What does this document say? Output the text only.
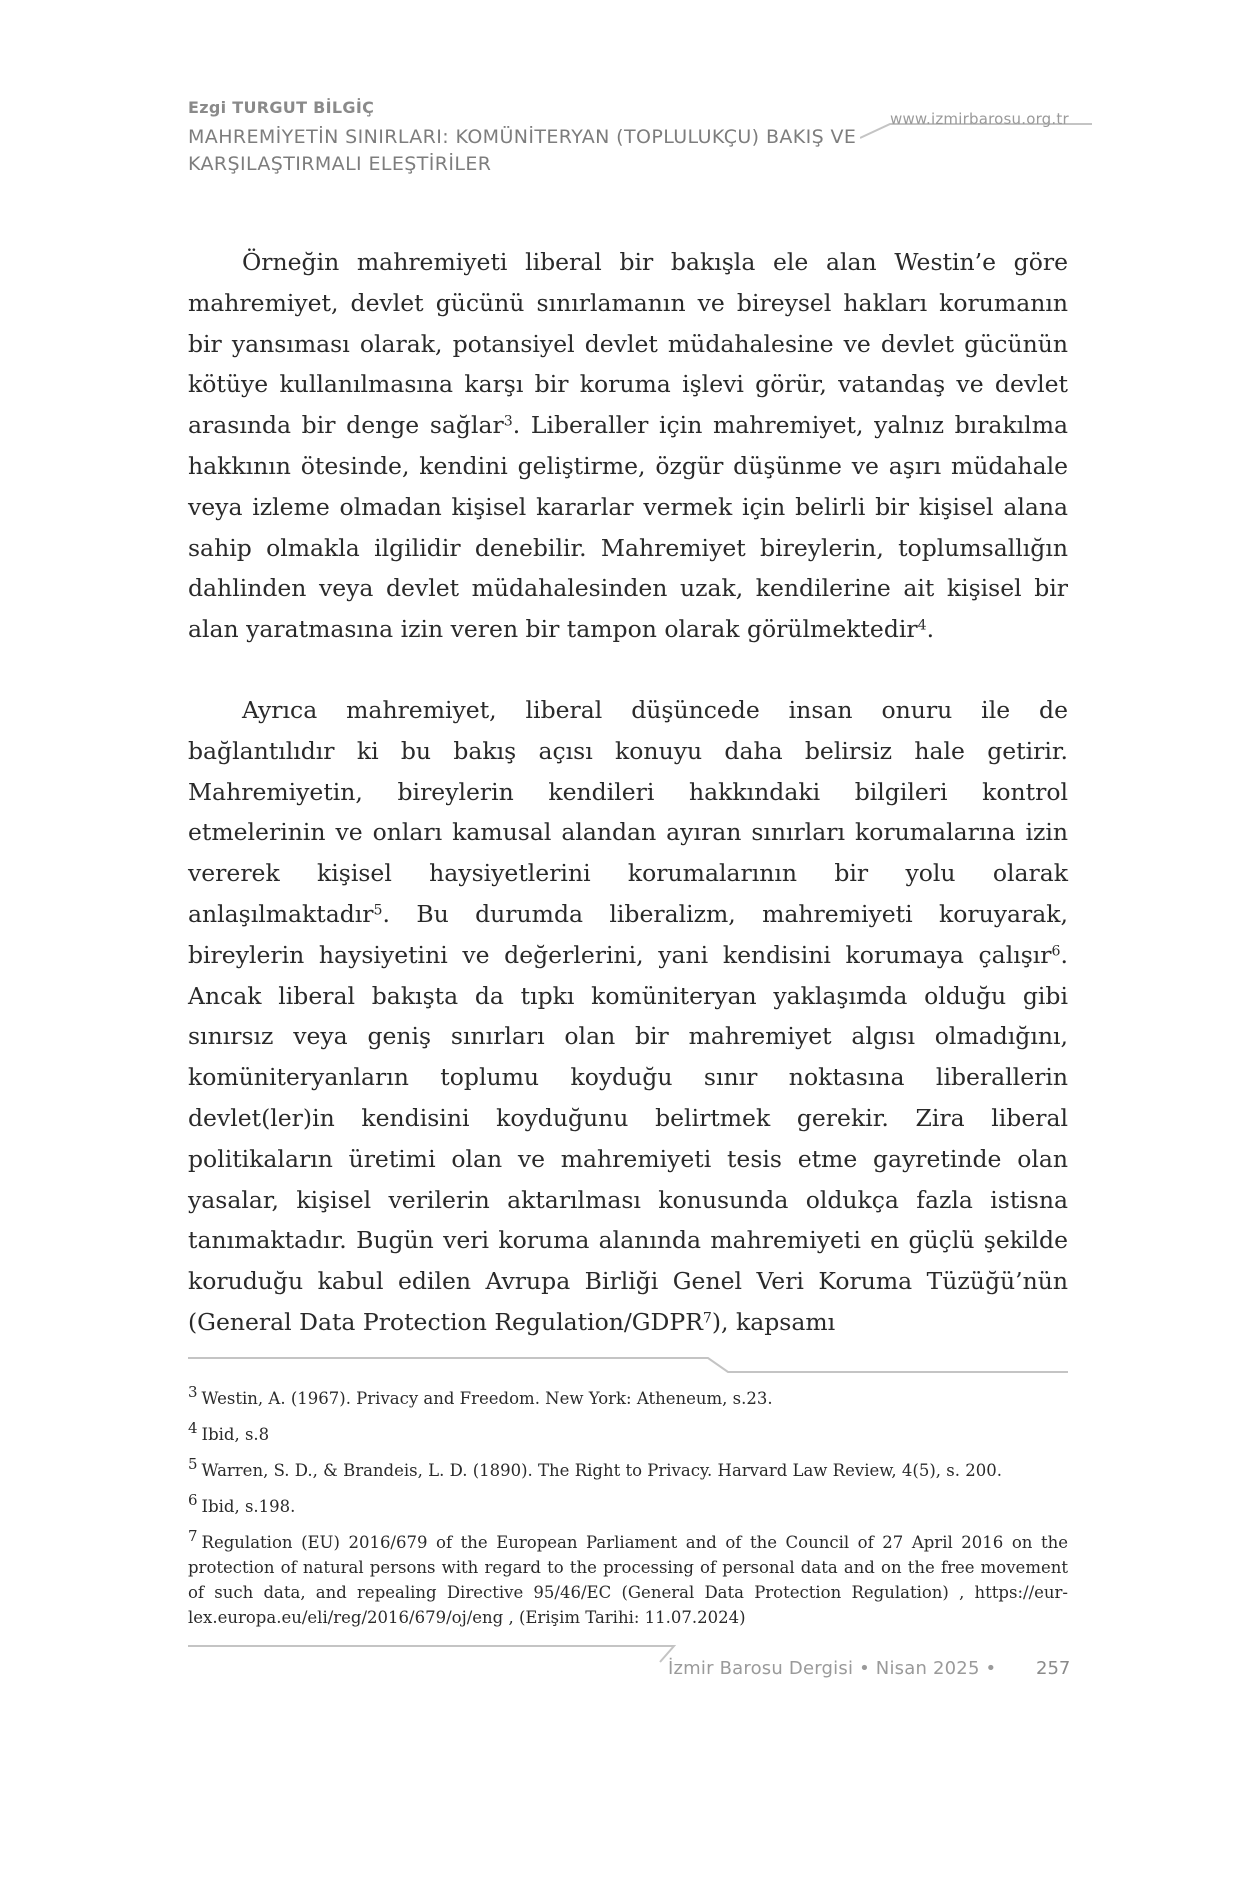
Ezgi TURGUT BİLGİÇ
MAHREMİYETİN SINIRLARI: KOMÜNİTERYAN (TOPLULUKÇU) BAKIŞ VE KARŞILAŞTIRMALI ELEŞTİRİLER
www.izmirbarosu.org.tr

Örneğin mahremiyeti liberal bir bakışla ele alan Westin’e göre mahremiyet, devlet gücünü sınırlamanın ve bireysel hakları korumanın bir yansıması olarak, potansiyel devlet müdahalesine ve devlet gücünün kötüye kullanılmasına karşı bir koruma işlevi görür, vatandaş ve devlet arasında bir denge sağlar$^3$. Liberaller için mahremiyet, yalnız bırakılma hakkının ötesinde, kendini geliştirme, özgür düşünme ve aşırı müdahale veya izleme olmadan kişisel kararlar vermek için belirli bir kişisel alana sahip olmakla ilgilidir denebilir. Mahremiyet bireylerin, toplumsallığın dahlinden veya devlet müdahalesinden uzak, kendilerine ait kişisel bir alan yaratmasına izin veren bir tampon olarak görülmektedir$^4$.

Ayrıca mahremiyet, liberal düşüncede insan onuru ile de bağlantılıdır ki bu bakış açısı konuyu daha belirsiz hale getirir. Mahremiyetin, bireylerin kendileri hakkındaki bilgileri kontrol etmelerinin ve onları kamusal alandan ayıran sınırları korumalarına izin vererek kişisel haysiyetlerini korumalarının bir yolu olarak anlaşılmaktadır$^5$. Bu durumda liberalizm, mahremiyeti koruyarak, bireylerin haysiyetini ve değerlerini, yani kendisini korumaya çalışır$^6$. Ancak liberal bakışta da tıpkı komüniteryan yaklaşımda olduğu gibi sınırsız veya geniş sınırları olan bir mahremiyet algısı olmadığını, komüniteryanların toplumu koyduğu sınır noktasına liberallerin devlet(ler)in kendisini koyduğunu belirtmek gerekir. Zira liberal politikaların üretimi olan ve mahremiyeti tesis etme gayretinde olan yasalar, kişisel verilerin aktarılması konusunda oldukça fazla istisna tanımaktadır. Bugün veri koruma alanında mahremiyeti en güçlü şekilde koruduğu kabul edilen Avrupa Birliği Genel Veri Koruma Tüzüğü’nün (General Data Protection Regulation/GDPR$^7$), kapsamı

3 Westin, A. (1967). Privacy and Freedom. New York: Atheneum, s.23.
4 Ibid, s.8
5 Warren, S. D., & Brandeis, L. D. (1890). The Right to Privacy. Harvard Law Review, 4(5), s. 200.
6 Ibid, s.198.
7 Regulation (EU) 2016/679 of the European Parliament and of the Council of 27 April 2016 on the protection of natural persons with regard to the processing of personal data and on the free movement of such data, and repealing Directive 95/46/EC (General Data Protection Regulation) , https://eur-lex.europa.eu/eli/reg/2016/679/oj/eng , (Erişim Tarihi: 11.07.2024)
İzmir Barosu Dergisi • Nisan 2025 • 257
